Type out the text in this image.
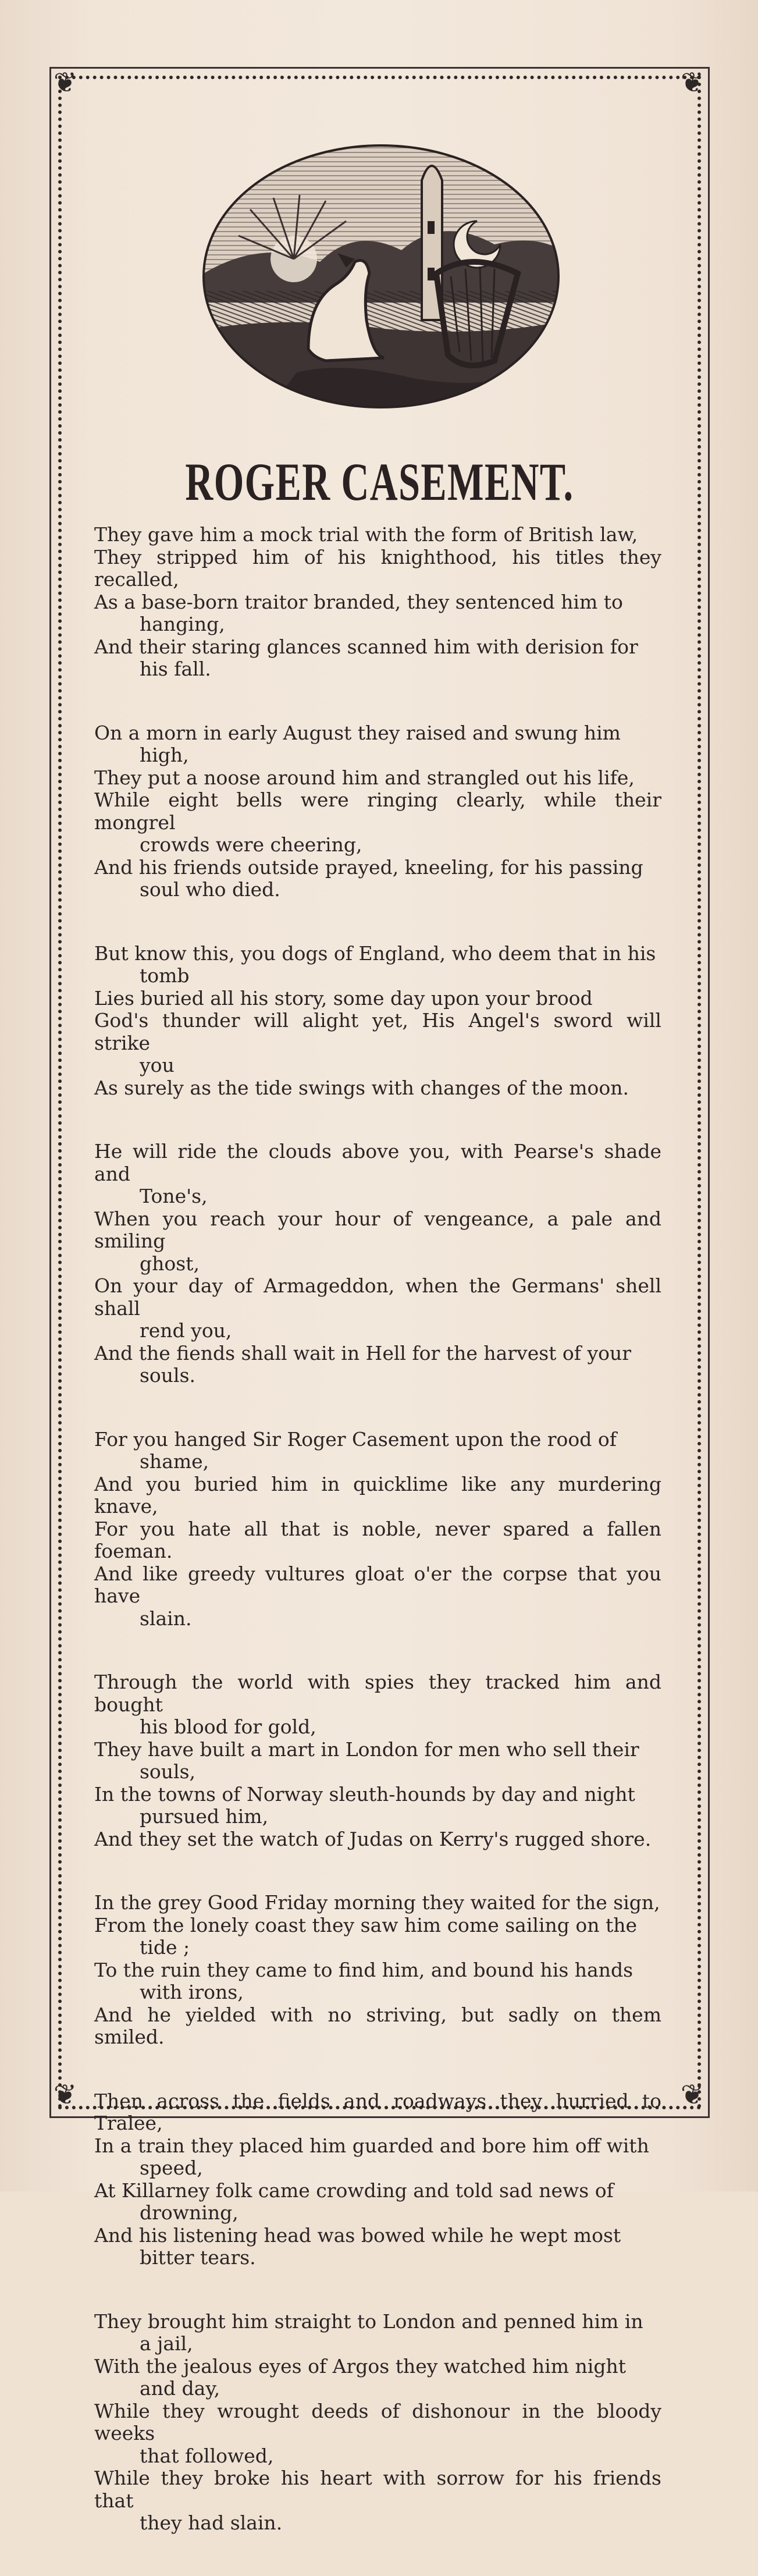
❦	❦
❦	❦
ROGER CASEMENT.
They gave him a mock trial with the form of British law,
They stripped him of his knighthood, his titles they recalled,
As a base-born traitor branded, they sentenced him to
hanging,
And their staring glances scanned him with derision for
his fall.
On a morn in early August they raised and swung him
high,
They put a noose around him and strangled out his life,
While eight bells were ringing clearly, while their mongrel
crowds were cheering,
And his friends outside prayed, kneeling, for his passing
soul who died.
But know this, you dogs of England, who deem that in his
tomb
Lies buried all his story, some day upon your brood
God's thunder will alight yet, His Angel's sword will strike
you
As surely as the tide swings with changes of the moon.
He will ride the clouds above you, with Pearse's shade and
Tone's,
When you reach your hour of vengeance, a pale and smiling
ghost,
On your day of Armageddon, when the Germans' shell shall
rend you,
And the fiends shall wait in Hell for the harvest of your
souls.
For you hanged Sir Roger Casement upon the rood of
shame,
And you buried him in quicklime like any murdering knave,
For you hate all that is noble, never spared a fallen foeman.
And like greedy vultures gloat o'er the corpse that you have
slain.
Through the world with spies they tracked him and bought
his blood for gold,
They have built a mart in London for men who sell their
souls,
In the towns of Norway sleuth-hounds by day and night
pursued him,
And they set the watch of Judas on Kerry's rugged shore.
In the grey Good Friday morning they waited for the sign,
From the lonely coast they saw him come sailing on the
tide ;
To the ruin they came to find him, and bound his hands
with irons,
And he yielded with no striving, but sadly on them smiled.
Then across the fields and roadways they hurried to Tralee,
In a train they placed him guarded and bore him off with
speed,
At Killarney folk came crowding and told sad news of
drowning,
And his listening head was bowed while he wept most
bitter tears.
They brought him straight to London and penned him in
a jail,
With the jealous eyes of Argos they watched him night
and day,
While they wrought deeds of dishonour in the bloody weeks
that followed,
While they broke his heart with sorrow for his friends that
they had slain.
